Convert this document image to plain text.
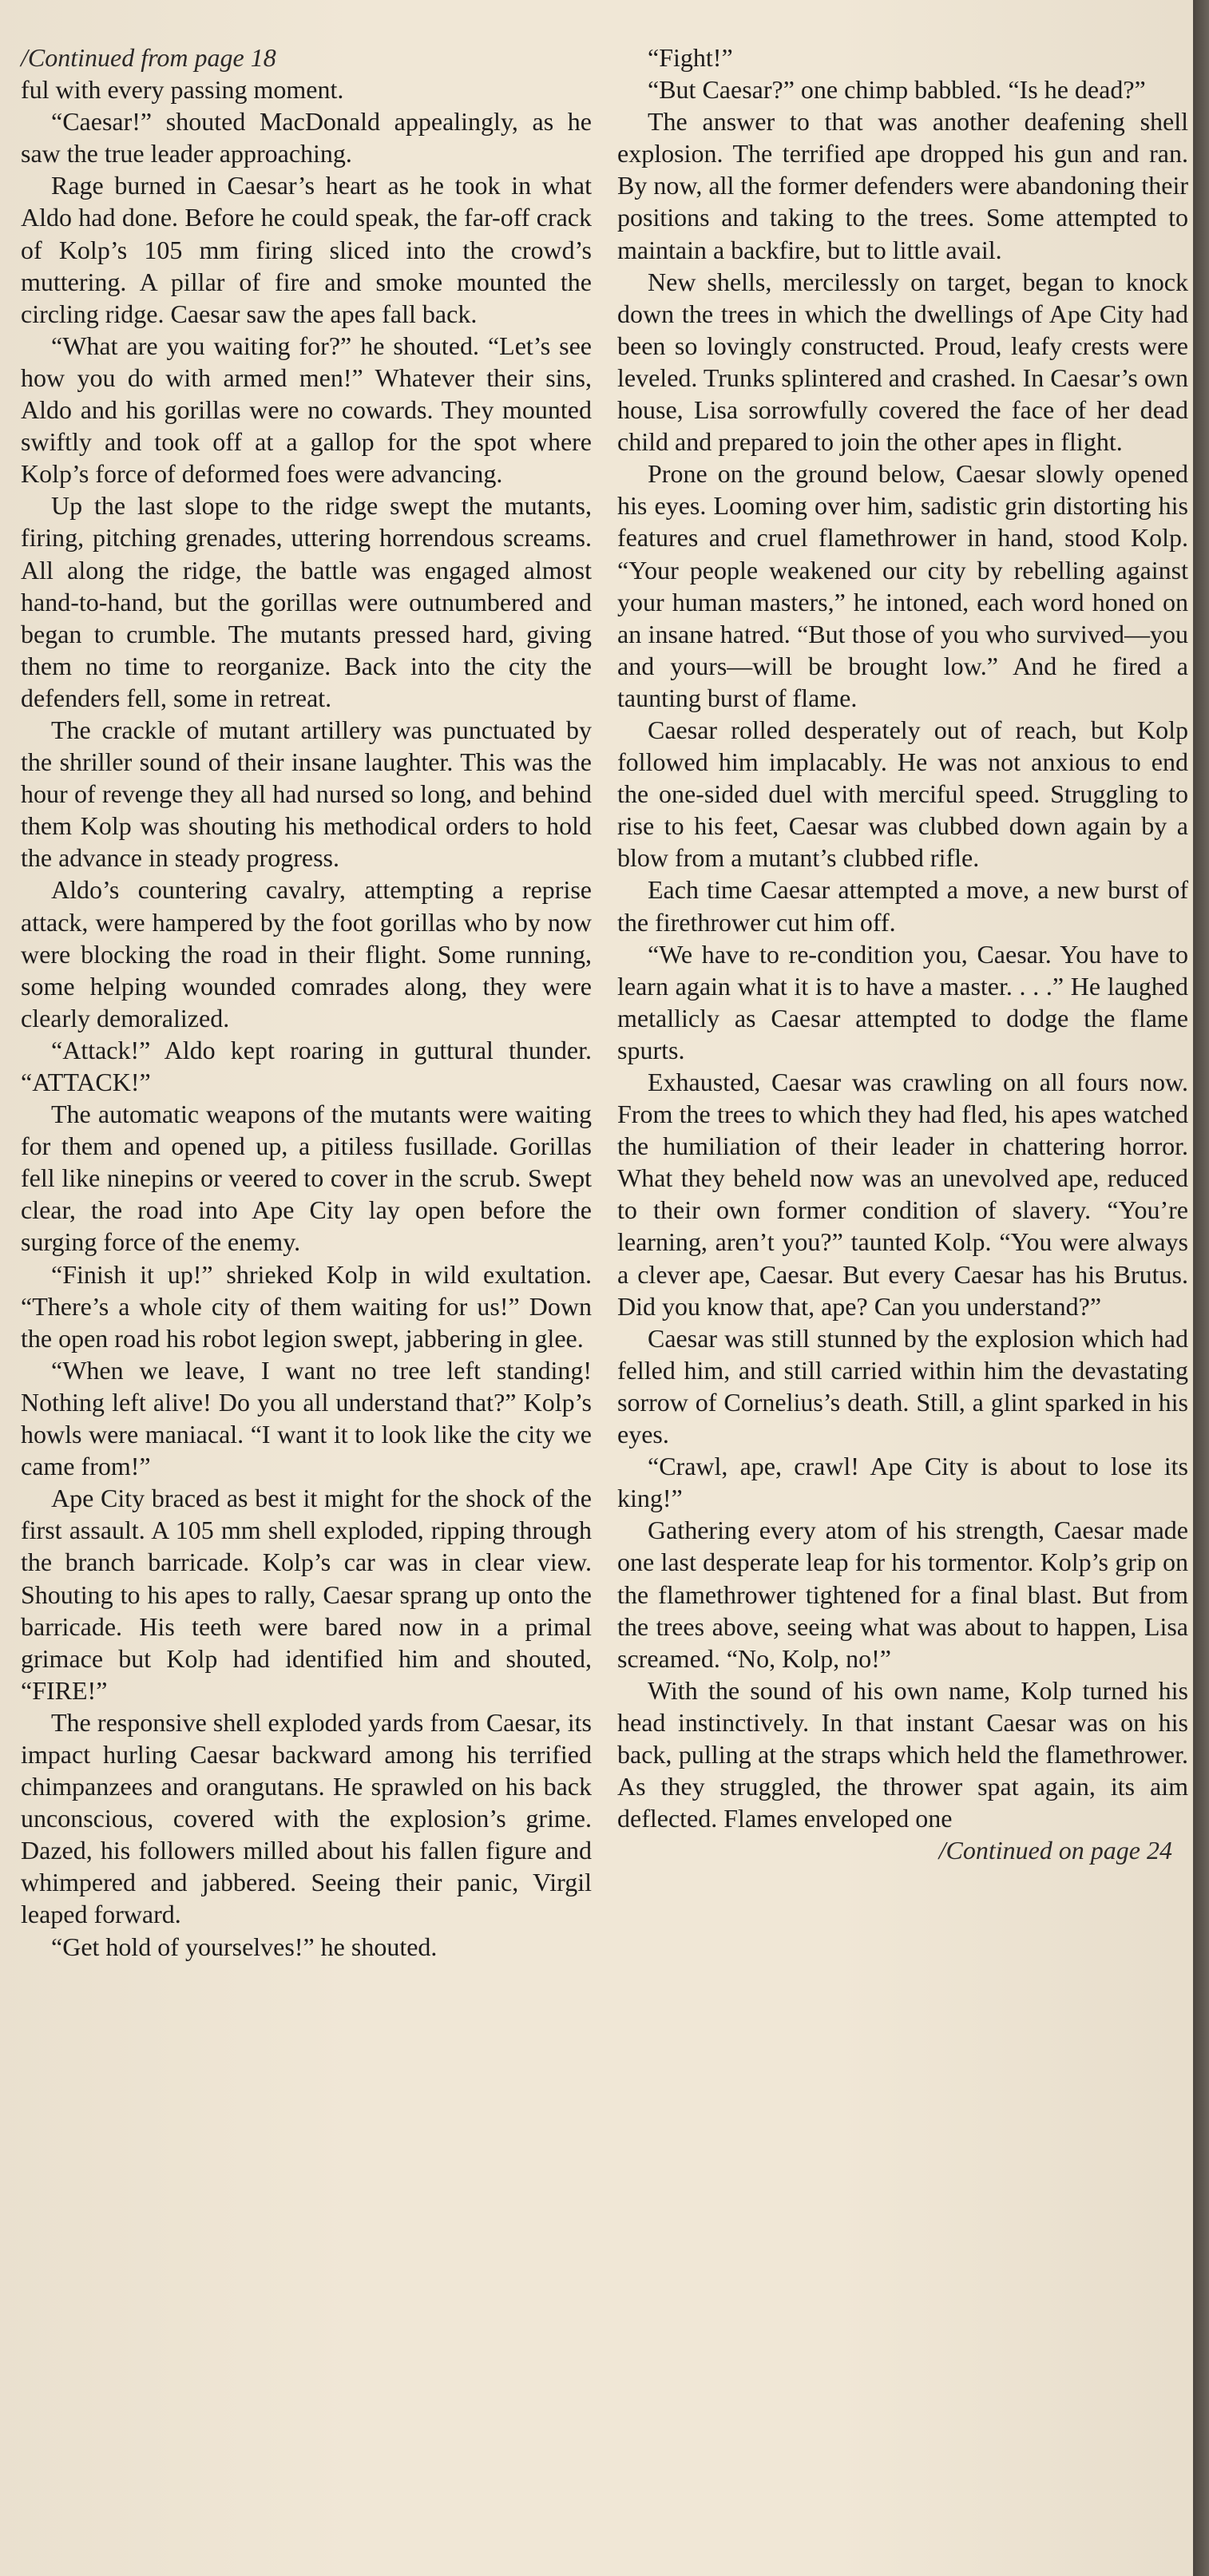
/Continued from page 18

ful with every passing moment.

“Caesar!” shouted MacDonald appealingly, as he saw the true leader approaching.

Rage burned in Caesar’s heart as he took in what Aldo had done. Before he could speak, the far-off crack of Kolp’s 105 mm firing sliced into the crowd’s muttering. A pillar of fire and smoke mounted the circling ridge. Caesar saw the apes fall back.

“What are you waiting for?” he shouted. “Let’s see how you do with armed men!” Whatever their sins, Aldo and his gorillas were no cowards. They mounted swiftly and took off at a gallop for the spot where Kolp’s force of deformed foes were advancing.

Up the last slope to the ridge swept the mutants, firing, pitching grenades, uttering horrendous screams. All along the ridge, the battle was engaged almost hand-to-hand, but the gorillas were outnumbered and began to crumble. The mutants pressed hard, giving them no time to reorganize. Back into the city the defenders fell, some in retreat.

The crackle of mutant artillery was punctuated by the shriller sound of their insane laughter. This was the hour of revenge they all had nursed so long, and behind them Kolp was shouting his methodical orders to hold the advance in steady progress.

Aldo’s countering cavalry, attempting a reprise attack, were hampered by the foot gorillas who by now were blocking the road in their flight. Some running, some helping wounded comrades along, they were clearly demoralized.

“Attack!” Aldo kept roaring in guttural thunder. “ATTACK!”

The automatic weapons of the mutants were waiting for them and opened up, a pitiless fusillade. Gorillas fell like ninepins or veered to cover in the scrub. Swept clear, the road into Ape City lay open before the surging force of the enemy.

“Finish it up!” shrieked Kolp in wild exultation. “There’s a whole city of them waiting for us!” Down the open road his robot legion swept, jabbering in glee.

“When we leave, I want no tree left standing! Nothing left alive! Do you all understand that?” Kolp’s howls were maniacal. “I want it to look like the city we came from!”

Ape City braced as best it might for the shock of the first assault. A 105 mm shell exploded, ripping through the branch barricade. Kolp’s car was in clear view. Shouting to his apes to rally, Caesar sprang up onto the barricade. His teeth were bared now in a primal grimace but Kolp had identified him and shouted, “FIRE!”

The responsive shell exploded yards from Caesar, its impact hurling Caesar backward among his terrified chimpanzees and orangutans. He sprawled on his back unconscious, covered with the explosion’s grime. Dazed, his followers milled about his fallen figure and whimpered and jabbered. Seeing their panic, Virgil leaped forward.

“Get hold of yourselves!” he shouted.

“Fight!”

“But Caesar?” one chimp babbled. “Is he dead?”

The answer to that was another deafening shell explosion. The terrified ape dropped his gun and ran. By now, all the former defenders were abandoning their positions and taking to the trees. Some attempted to maintain a backfire, but to little avail.

New shells, mercilessly on target, began to knock down the trees in which the dwellings of Ape City had been so lovingly constructed. Proud, leafy crests were leveled. Trunks splintered and crashed. In Caesar’s own house, Lisa sorrowfully covered the face of her dead child and prepared to join the other apes in flight.

Prone on the ground below, Caesar slowly opened his eyes. Looming over him, sadistic grin distorting his features and cruel flamethrower in hand, stood Kolp. “Your people weakened our city by rebelling against your human masters,” he intoned, each word honed on an insane hatred. “But those of you who survived—you and yours—will be brought low.” And he fired a taunting burst of flame.

Caesar rolled desperately out of reach, but Kolp followed him implacably. He was not anxious to end the one-sided duel with merciful speed. Struggling to rise to his feet, Caesar was clubbed down again by a blow from a mutant’s clubbed rifle.

Each time Caesar attempted a move, a new burst of the firethrower cut him off.

“We have to re-condition you, Caesar. You have to learn again what it is to have a master. . . .” He laughed metallicly as Caesar attempted to dodge the flame spurts.

Exhausted, Caesar was crawling on all fours now. From the trees to which they had fled, his apes watched the humiliation of their leader in chattering horror. What they beheld now was an unevolved ape, reduced to their own former condition of slavery. “You’re learning, aren’t you?” taunted Kolp. “You were always a clever ape, Caesar. But every Caesar has his Brutus. Did you know that, ape? Can you understand?”

Caesar was still stunned by the explosion which had felled him, and still carried within him the devastating sorrow of Cornelius’s death. Still, a glint sparked in his eyes.

“Crawl, ape, crawl! Ape City is about to lose its king!”

Gathering every atom of his strength, Caesar made one last desperate leap for his tormentor. Kolp’s grip on the flamethrower tightened for a final blast. But from the trees above, seeing what was about to happen, Lisa screamed. “No, Kolp, no!”

With the sound of his own name, Kolp turned his head instinctively. In that instant Caesar was on his back, pulling at the straps which held the flamethrower. As they struggled, the thrower spat again, its aim deflected. Flames enveloped one

/Continued on page 24
